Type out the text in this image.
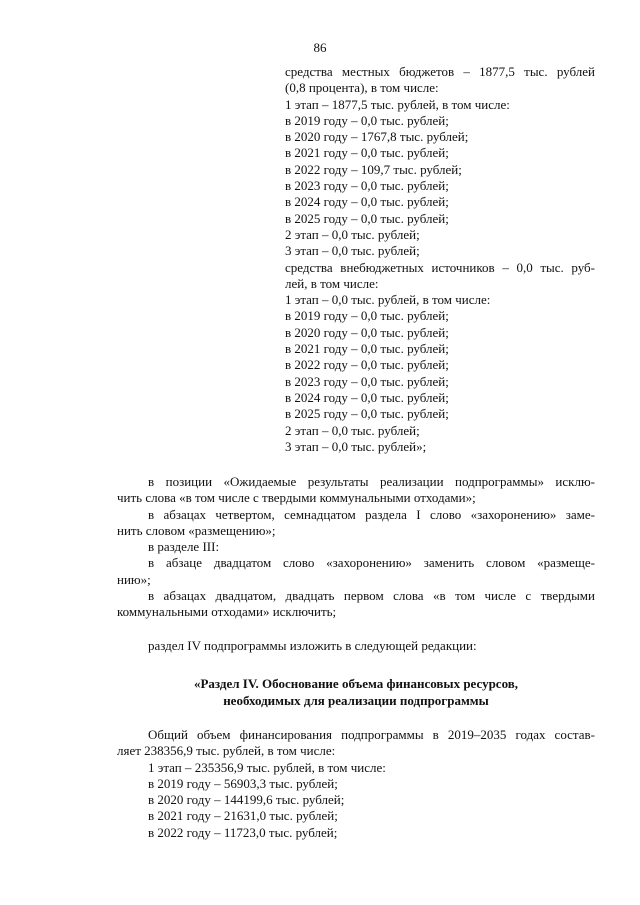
86
средства местных бюджетов – 1877,5 тыс. рублей
(0,8 процента), в том числе:
1 этап – 1877,5 тыс. рублей, в том числе:
в 2019 году – 0,0 тыс. рублей;
в 2020 году – 1767,8 тыс. рублей;
в 2021 году – 0,0 тыс. рублей;
в 2022 году – 109,7 тыс. рублей;
в 2023 году – 0,0 тыс. рублей;
в 2024 году – 0,0 тыс. рублей;
в 2025 году – 0,0 тыс. рублей;
2 этап – 0,0 тыс. рублей;
3 этап – 0,0 тыс. рублей;
средства внебюджетных источников – 0,0 тыс. руб-
лей, в том числе:
1 этап – 0,0 тыс. рублей, в том числе:
в 2019 году – 0,0 тыс. рублей;
в 2020 году – 0,0 тыс. рублей;
в 2021 году – 0,0 тыс. рублей;
в 2022 году – 0,0 тыс. рублей;
в 2023 году – 0,0 тыс. рублей;
в 2024 году – 0,0 тыс. рублей;
в 2025 году – 0,0 тыс. рублей;
2 этап – 0,0 тыс. рублей;
3 этап – 0,0 тыс. рублей»;
в позиции «Ожидаемые результаты реализации подпрограммы» исклю-
чить слова «в том числе с твердыми коммунальными отходами»;
в абзацах четвертом, семнадцатом раздела I слово «захоронению» заме-
нить словом «размещению»;
в разделе III:
в абзаце двадцатом слово «захоронению» заменить словом «размеще-
нию»;
в абзацах двадцатом, двадцать первом слова «в том числе с твердыми
коммунальными отходами» исключить;
раздел IV подпрограммы изложить в следующей редакции:
«Раздел IV. Обоснование объема финансовых ресурсов,
необходимых для реализации подпрограммы
Общий объем финансирования подпрограммы в 2019–2035 годах состав-
ляет 238356,9 тыс. рублей, в том числе:
1 этап – 235356,9 тыс. рублей, в том числе:
в 2019 году – 56903,3 тыс. рублей;
в 2020 году – 144199,6 тыс. рублей;
в 2021 году – 21631,0 тыс. рублей;
в 2022 году – 11723,0 тыс. рублей;
